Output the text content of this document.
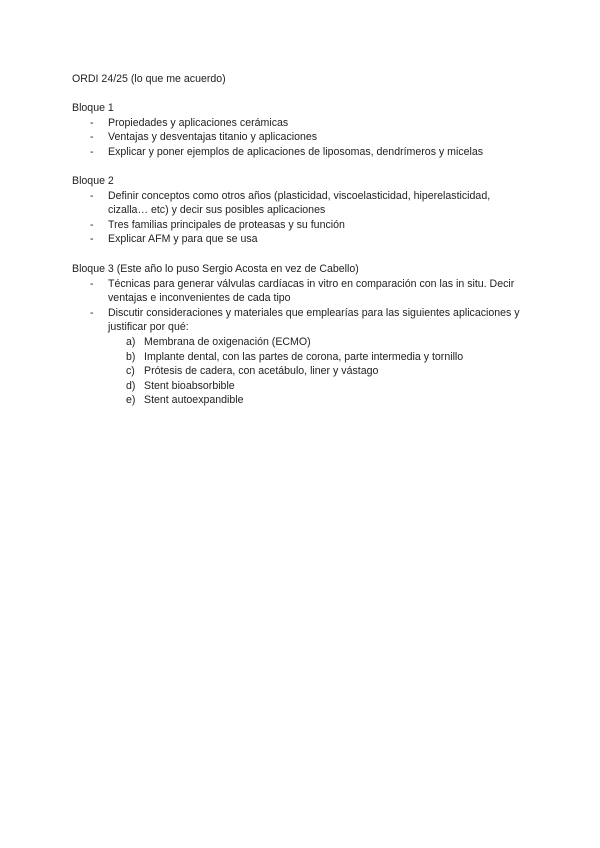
ORDI 24/25 (lo que me acuerdo)
Bloque 1
- Propiedades y aplicaciones cerámicas
- Ventajas y desventajas titanio y aplicaciones
- Explicar y poner ejemplos de aplicaciones de liposomas, dendrímeros y micelas
Bloque 2
- Definir conceptos como otros años (plasticidad, viscoelasticidad, hiperelasticidad, cizalla… etc) y decir sus posibles aplicaciones
- Tres familias principales de proteasas y su función
- Explicar AFM y para que se usa
Bloque 3 (Este año lo puso Sergio Acosta en vez de Cabello)
- Técnicas para generar válvulas cardíacas in vitro en comparación con las in situ. Decir ventajas e inconvenientes de cada tipo
- Discutir consideraciones y materiales que emplearías para las siguientes aplicaciones y justificar por qué:
a) Membrana de oxigenación (ECMO)
b) Implante dental, con las partes de corona, parte intermedia y tornillo
c) Prótesis de cadera, con acetábulo, liner y vástago
d) Stent bioabsorbible
e) Stent autoexpandible
